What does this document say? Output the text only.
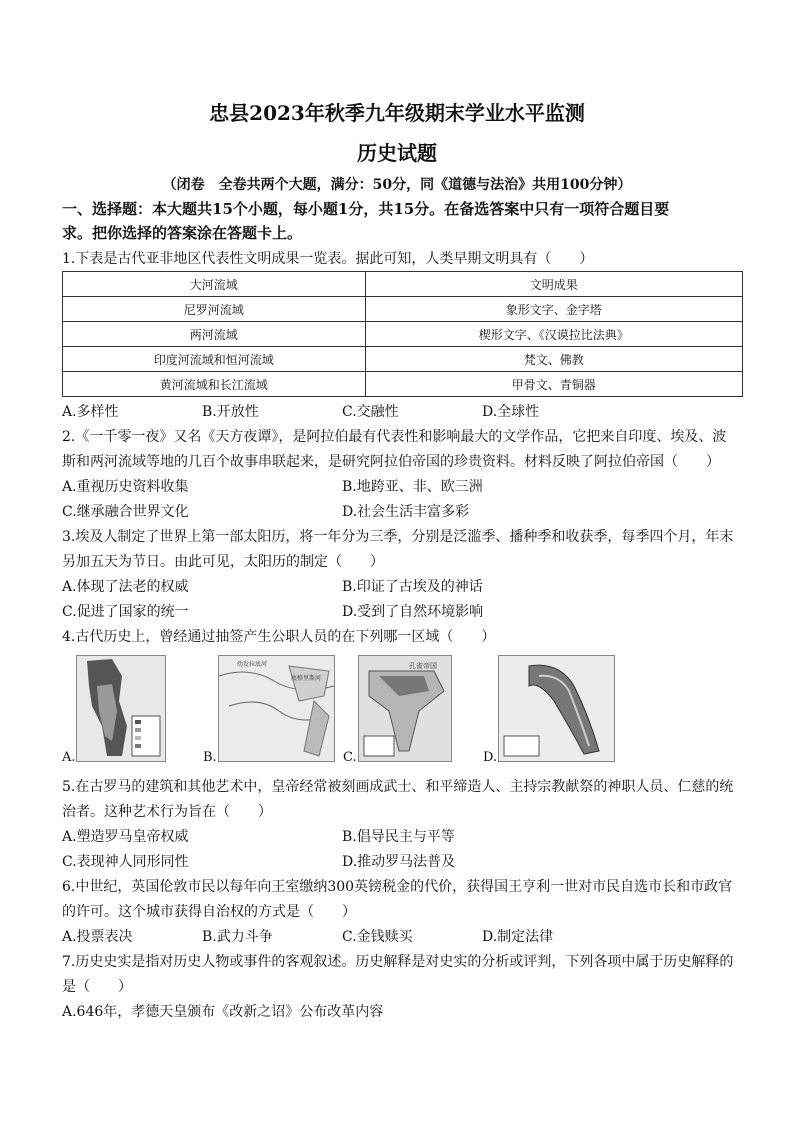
忠县2023年秋季九年级期末学业水平监测
历史试题
（闭卷　全卷共两个大题，满分：50分，同《道德与法治》共用100分钟）
一、选择题：本大题共15个小题，每小题1分，共15分。在备选答案中只有一项符合题目要
求。把你选择的答案涂在答题卡上。
1.下表是古代亚非地区代表性文明成果一览表。据此可知，人类早期文明具有（　　）
大河流域	文明成果
尼罗河流域	象形文字、金字塔
两河流域	楔形文字、《汉谟拉比法典》
印度河流域和恒河流域	梵文、佛教
黄河流域和长江流域	甲骨文、青铜器
A.多样性	B.开放性	C.交融性	D.全球性
2.《一千零一夜》又名《天方夜谭》，是阿拉伯最有代表性和影响最大的文学作品，它把来自印度、埃及、波
斯和两河流域等地的几百个故事串联起来，是研究阿拉伯帝国的珍贵资料。材料反映了阿拉伯帝国（　　）
A.重视历史资料收集	B.地跨亚、非、欧三洲
C.继承融合世界文化	D.社会生活丰富多彩
3.埃及人制定了世界上第一部太阳历，将一年分为三季，分别是泛滥季、播种季和收获季，每季四个月，年末
另加五天为节日。由此可见，太阳历的制定（　　）
A.体现了法老的权威	B.印证了古埃及的神话
C.促进了国家的统一	D.受到了自然环境影响
4.古代历史上，曾经通过抽签产生公职人员的在下列哪一区域（　　）
A.
幼发拉底河
底格里斯河
B.
孔雀帝国
C.	D.
5.在古罗马的建筑和其他艺术中，皇帝经常被刻画成武士、和平缔造人、主持宗教献祭的神职人员、仁慈的统
治者。这种艺术行为旨在（　　）
A.塑造罗马皇帝权威	B.倡导民主与平等
C.表现神人同形同性	D.推动罗马法普及
6.中世纪，英国伦敦市民以每年向王室缴纳300英镑税金的代价，获得国王亨利一世对市民自选市长和市政官
的许可。这个城市获得自治权的方式是（　　）
A.投票表决	B.武力斗争	C.金钱赎买	D.制定法律
7.历史史实是指对历史人物或事件的客观叙述。历史解释是对史实的分析或评判，下列各项中属于历史解释的
是（　　）
A.646年，孝德天皇颁布《改新之诏》公布改革内容
